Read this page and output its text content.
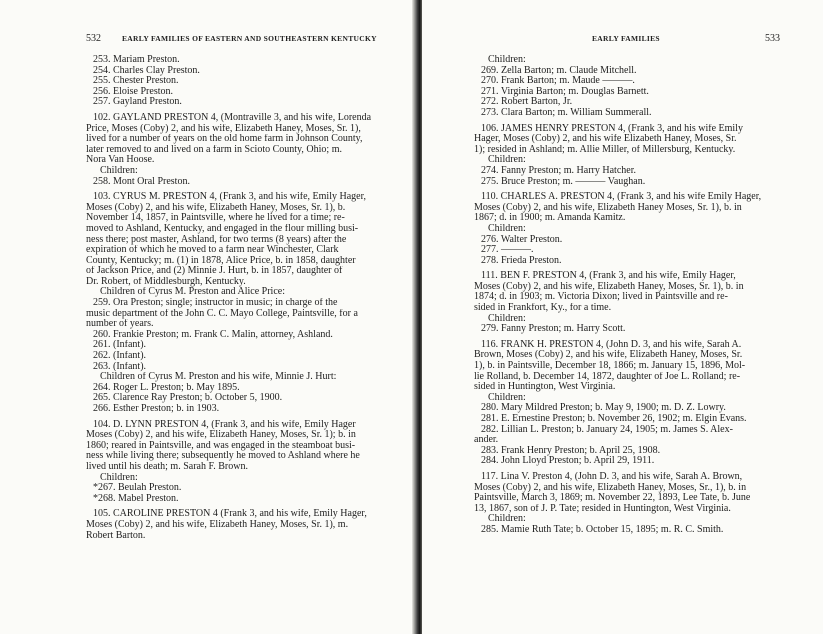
532	EARLY FAMILIES OF EASTERN AND SOUTHEASTERN KENTUCKY
253. Mariam Preston.
254. Charles Clay Preston.
255. Chester Preston.
256. Eloise Preston.
257. Gayland Preston.
102. GAYLAND PRESTON 4, (Montraville 3, and his wife, Lorenda
Price, Moses (Coby) 2, and his wife, Elizabeth Haney, Moses, Sr. 1),
lived for a number of years on the old home farm in Johnson County,
later removed to and lived on a farm in Scioto County, Ohio; m.
Nora Van Hoose.
Children:
258. Mont Oral Preston.
103. CYRUS M. PRESTON 4, (Frank 3, and his wife, Emily Hager,
Moses (Coby) 2, and his wife, Elizabeth Haney, Moses, Sr. 1), b.
November 14, 1857, in Paintsville, where he lived for a time; re-
moved to Ashland, Kentucky, and engaged in the flour milling busi-
ness there; post master, Ashland, for two terms (8 years) after the
expiration of which he moved to a farm near Winchester, Clark
County, Kentucky; m. (1) in 1878, Alice Price, b. in 1858, daughter
of Jackson Price, and (2) Minnie J. Hurt, b. in 1857, daughter of
Dr. Robert, of Middlesburgh, Kentucky.
Children of Cyrus M. Preston and Alice Price:
259. Ora Preston; single; instructor in music; in charge of the
music department of the John C. C. Mayo College, Paintsville, for a
number of years.
260. Frankie Preston; m. Frank C. Malin, attorney, Ashland.
261. (Infant).
262. (Infant).
263. (Infant).
Children of Cyrus M. Preston and his wife, Minnie J. Hurt:
264. Roger L. Preston; b. May 1895.
265. Clarence Ray Preston; b. October 5, 1900.
266. Esther Preston; b. in 1903.
104. D. LYNN PRESTON 4, (Frank 3, and his wife, Emily Hager
Moses (Coby) 2, and his wife, Elizabeth Haney, Moses, Sr. 1); b. in
1860; reared in Paintsville, and was engaged in the steamboat busi-
ness while living there; subsequently he moved to Ashland where he
lived until his death; m. Sarah F. Brown.
Children:
*267. Beulah Preston.
*268. Mabel Preston.
105. CAROLINE PRESTON 4 (Frank 3, and his wife, Emily Hager,
Moses (Coby) 2, and his wife, Elizabeth Haney, Moses, Sr. 1), m.
Robert Barton.
EARLY FAMILIES	533
Children:
269. Zella Barton; m. Claude Mitchell.
270. Frank Barton; m. Maude ———.
271. Virginia Barton; m. Douglas Barnett.
272. Robert Barton, Jr.
273. Clara Barton; m. William Summerall.
106. JAMES HENRY PRESTON 4, (Frank 3, and his wife Emily
Hager, Moses (Coby) 2, and his wife Elizabeth Haney, Moses, Sr.
1); resided in Ashland; m. Allie Miller, of Millersburg, Kentucky.
Children:
274. Fanny Preston; m. Harry Hatcher.
275. Bruce Preston; m. ——— Vaughan.
110. CHARLES A. PRESTON 4, (Frank 3, and his wife Emily Hager,
Moses (Coby) 2, and his wife, Elizabeth Haney Moses, Sr. 1), b. in
1867; d. in 1900; m. Amanda Kamitz.
Children:
276. Walter Preston.
277. ———.
278. Frieda Preston.
111. BEN F. PRESTON 4, (Frank 3, and his wife, Emily Hager,
Moses (Coby) 2, and his wife, Elizabeth Haney, Moses, Sr. 1), b. in
1874; d. in 1903; m. Victoria Dixon; lived in Paintsville and re-
sided in Frankfort, Ky., for a time.
Children:
279. Fanny Preston; m. Harry Scott.
116. FRANK H. PRESTON 4, (John D. 3, and his wife, Sarah A.
Brown, Moses (Coby) 2, and his wife, Elizabeth Haney, Moses, Sr.
1), b. in Paintsville, December 18, 1866; m. January 15, 1896, Mol-
lie Rolland, b. December 14, 1872, daughter of Joe L. Rolland; re-
sided in Huntington, West Virginia.
Children:
280. Mary Mildred Preston; b. May 9, 1900; m. D. Z. Lowry.
281. E. Ernestine Preston; b. November 26, 1902; m. Elgin Evans.
282. Lillian L. Preston; b. January 24, 1905; m. James S. Alex-
ander.
283. Frank Henry Preston; b. April 25, 1908.
284. John Lloyd Preston; b. April 29, 1911.
117. Lina V. Preston 4, (John D. 3, and his wife, Sarah A. Brown,
Moses (Coby) 2, and his wife, Elizabeth Haney, Moses, Sr., 1), b. in
Paintsville, March 3, 1869; m. November 22, 1893, Lee Tate, b. June
13, 1867, son of J. P. Tate; resided in Huntington, West Virginia.
Children:
285. Mamie Ruth Tate; b. October 15, 1895; m. R. C. Smith.
